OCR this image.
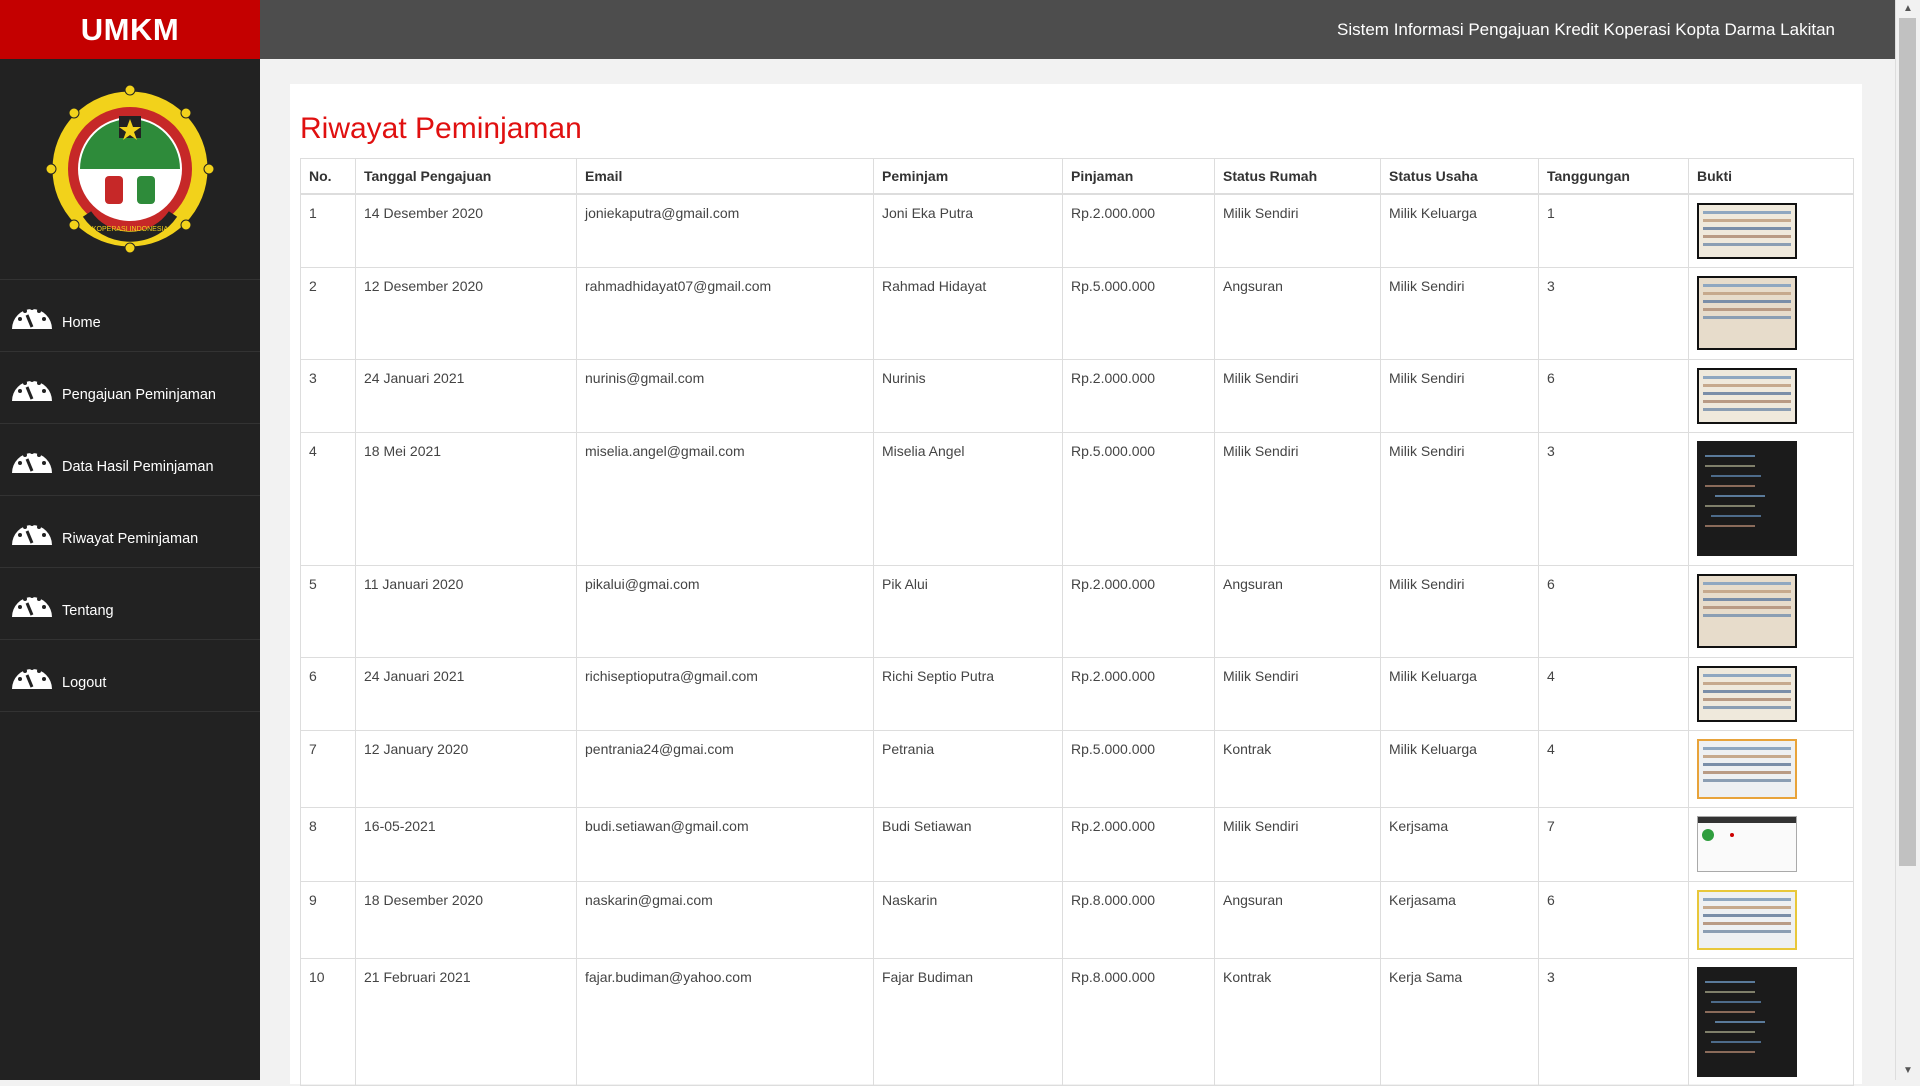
UMKM
KOPERASI INDONESIA
Home
Pengajuan Peminjaman
Data Hasil Peminjaman
Riwayat Peminjaman
Tentang
Logout
Sistem Informasi Pengajuan Kredit Koperasi Kopta Darma Lakitan
Riwayat Peminjaman
No.	Tanggal Pengajuan	Email	Peminjam	Pinjaman	Status Rumah	Status Usaha	Tanggungan	Bukti
1	14 Desember 2020	joniekaputra@gmail.com	Joni Eka Putra	Rp.2.000.000	Milik Sendiri	Milik Keluarga	1	

2	12 Desember 2020	rahmadhidayat07@gmail.com	Rahmad Hidayat	Rp.5.000.000	Angsuran	Milik Sendiri	3	

3	24 Januari 2021	nurinis@gmail.com	Nurinis	Rp.2.000.000	Milik Sendiri	Milik Sendiri	6	

4	18 Mei 2021	miselia.angel@gmail.com	Miselia Angel	Rp.5.000.000	Milik Sendiri	Milik Sendiri	3	

5	11 Januari 2020	pikalui@gmai.com	Pik Alui	Rp.2.000.000	Angsuran	Milik Sendiri	6	

6	24 Januari 2021	richiseptioputra@gmail.com	Richi Septio Putra	Rp.2.000.000	Milik Sendiri	Milik Keluarga	4	

7	12 January 2020	pentrania24@gmai.com	Petrania	Rp.5.000.000	Kontrak	Milik Keluarga	4	

8	16-05-2021	budi.setiawan@gmail.com	Budi Setiawan	Rp.2.000.000	Milik Sendiri	Kerjsama	7	

9	18 Desember 2020	naskarin@gmai.com	Naskarin	Rp.8.000.000	Angsuran	Kerjasama	6	

10	21 Februari 2021	fajar.budiman@yahoo.com	Fajar Budiman	Rp.8.000.000	Kontrak	Kerja Sama	3	
▲
▼
